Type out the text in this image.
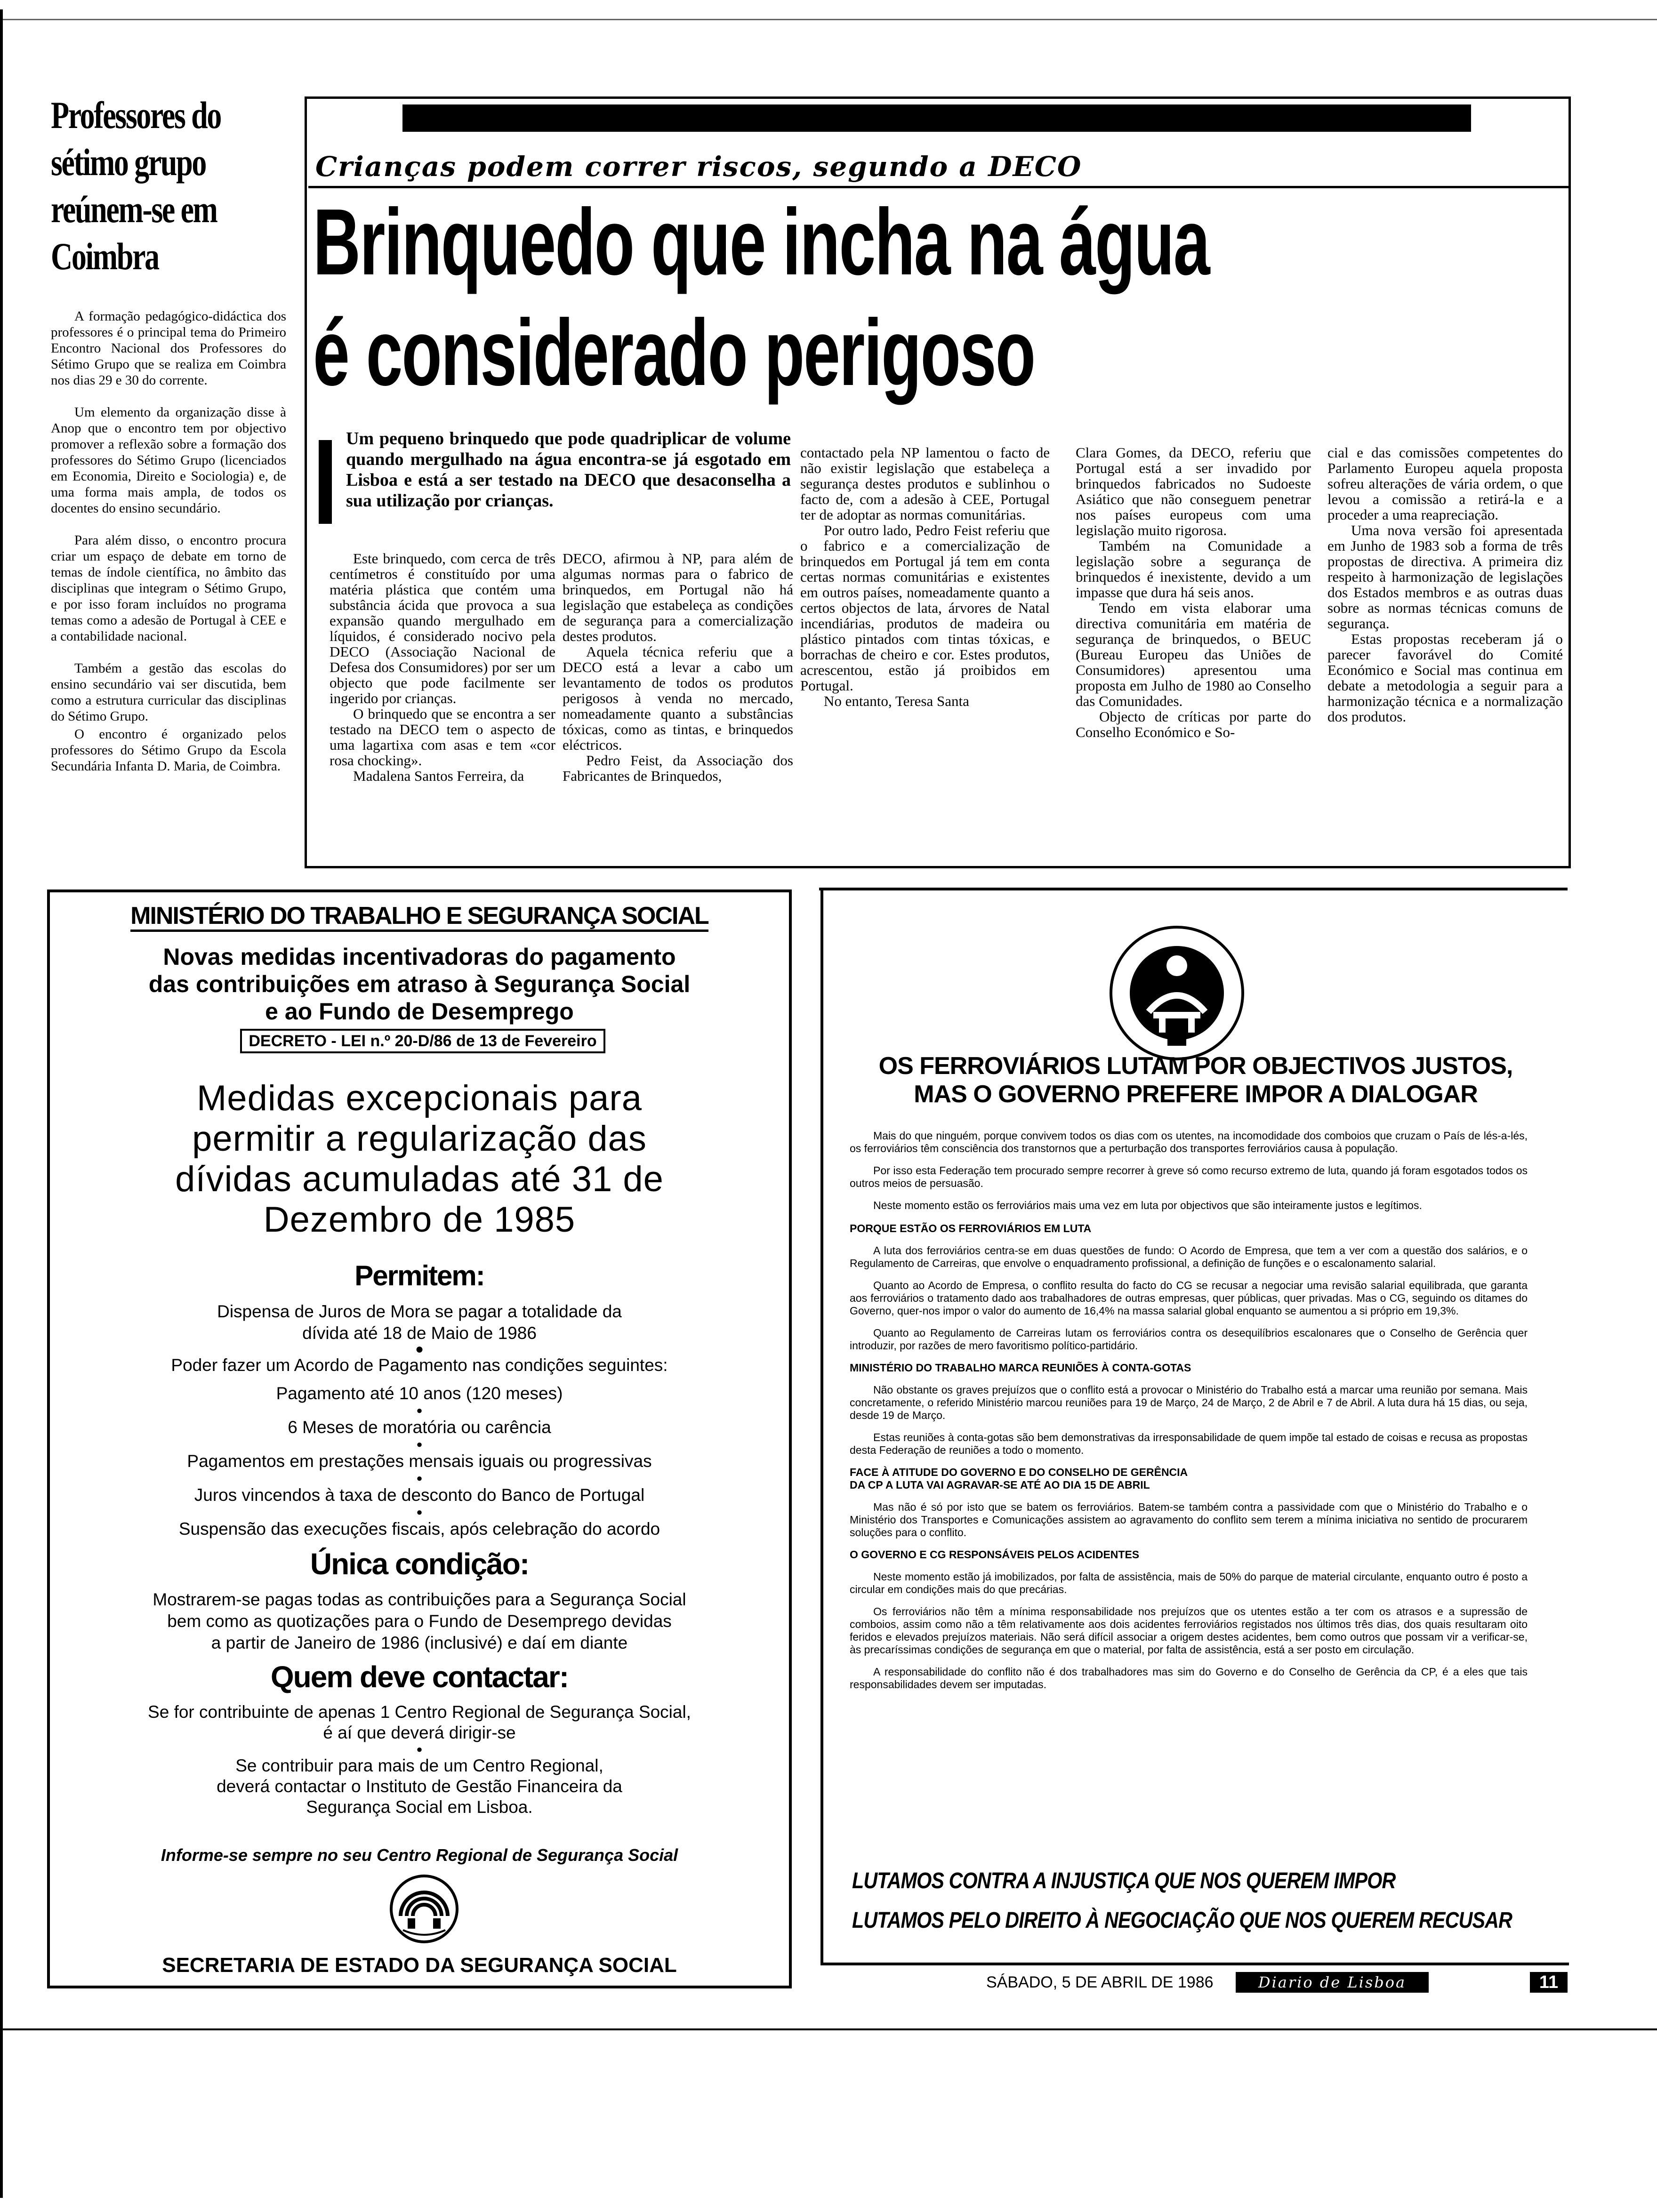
Professores do sétimo grupo reúnem-se em Coimbra

A formação pedagógico-didáctica dos professores é o principal tema do Primeiro Encontro Nacional dos Professores do Sétimo Grupo que se realiza em Coimbra nos dias 29 e 30 do corrente.

Um elemento da organização disse à Anop que o encontro tem por objectivo promover a reflexão sobre a formação dos professores do Sétimo Grupo (licenciados em Economia, Direito e Sociologia) e, de uma forma mais ampla, de todos os docentes do ensino secundário.

Para além disso, o encontro procura criar um espaço de debate em torno de temas de índole científica, no âmbito das disciplinas que integram o Sétimo Grupo, e por isso foram incluídos no programa temas como a adesão de Portugal à CEE e a contabilidade nacional.

Também a gestão das escolas do ensino secundário vai ser discutida, bem como a estrutura curricular das disciplinas do Sétimo Grupo.

O encontro é organizado pelos professores do Sétimo Grupo da Escola Secundária Infanta D. Maria, de Coimbra.

Crianças podem correr riscos, segundo a DECO
Brinquedo que incha na água
é considerado perigoso
Um pequeno brinquedo que pode quadriplicar de volume quando mergulhado na água encontra-se já esgotado em Lisboa e está a ser testado na DECO que desaconselha a sua utilização por crianças.

Este brinquedo, com cerca de três centímetros é constituído por uma matéria plástica que contém uma substância ácida que provoca a sua expansão quando mergulhado em líquidos, é considerado nocivo pela DECO (Associação Nacional de Defesa dos Consumidores) por ser um objecto que pode facilmente ser ingerido por crianças.

O brinquedo que se encontra a ser testado na DECO tem o aspecto de uma lagartixa com asas e tem «cor rosa chocking».

Madalena Santos Ferreira, da

DECO, afirmou à NP, para além de algumas normas para o fabrico de brinquedos, em Portugal não há legislação que estabeleça as condições de segurança para a comercialização destes produtos.

Aquela técnica referiu que a DECO está a levar a cabo um levantamento de todos os produtos perigosos à venda no mercado, nomeadamente quanto a substâncias tóxicas, como as tintas, e brinquedos eléctricos.

Pedro Feist, da Associação dos Fabricantes de Brinquedos,

contactado pela NP lamentou o facto de não existir legislação que estabeleça a segurança destes produtos e sublinhou o facto de, com a adesão à CEE, Portugal ter de adoptar as normas comunitárias.

Por outro lado, Pedro Feist referiu que o fabrico e a comercialização de brinquedos em Portugal já tem em conta certas normas comunitárias e existentes em outros países, nomeadamente quanto a certos objectos de lata, árvores de Natal incendiárias, produtos de madeira ou plástico pintados com tintas tóxicas, e borrachas de cheiro e cor. Estes produtos, acrescentou, estão já proibidos em Portugal.

No entanto, Teresa Santa

Clara Gomes, da DECO, referiu que Portugal está a ser invadido por brinquedos fabricados no Sudoeste Asiático que não conseguem penetrar nos países europeus com uma legislação muito rigorosa.

Também na Comunidade a legislação sobre a segurança de brinquedos é inexistente, devido a um impasse que dura há seis anos.

Tendo em vista elaborar uma directiva comunitária em matéria de segurança de brinquedos, o BEUC (Bureau Europeu das Uniões de Consumidores) apresentou uma proposta em Julho de 1980 ao Conselho das Comunidades.

Objecto de críticas por parte do Conselho Económico e So-

cial e das comissões competentes do Parlamento Europeu aquela proposta sofreu alterações de vária ordem, o que levou a comissão a retirá-la e a proceder a uma reapreciação.

Uma nova versão foi apresentada em Junho de 1983 sob a forma de três propostas de directiva. A primeira diz respeito à harmonização de legislações dos Estados membros e as outras duas sobre as normas técnicas comuns de segurança.

Estas propostas receberam já o parecer favorável do Comité Económico e Social mas continua em debate a metodologia a seguir para a harmonização técnica e a normalização dos produtos.

MINISTÉRIO DO TRABALHO E SEGURANÇA SOCIAL
Novas medidas incentivadoras do pagamento
das contribuições em atraso à Segurança Social
e ao Fundo de Desemprego
DECRETO - LEI n.º 20-D/86 de 13 de Fevereiro
Medidas excepcionais para
permitir a regularização das
dívidas acumuladas até 31 de
Dezembro de 1985
Permitem:
Dispensa de Juros de Mora se pagar a totalidade da
dívida até 18 de Maio de 1986
●
Poder fazer um Acordo de Pagamento nas condições seguintes:
Pagamento até 10 anos (120 meses)
●
6 Meses de moratória ou carência
●
Pagamentos em prestações mensais iguais ou progressivas
●
Juros vincendos à taxa de desconto do Banco de Portugal
●
Suspensão das execuções fiscais, após celebração do acordo
Única condição:
Mostrarem-se pagas todas as contribuições para a Segurança Social
bem como as quotizações para o Fundo de Desemprego devidas
a partir de Janeiro de 1986 (inclusivé) e daí em diante
Quem deve contactar:
Se for contribuinte de apenas 1 Centro Regional de Segurança Social,
é aí que deverá dirigir-se
●
Se contribuir para mais de um Centro Regional,
deverá contactar o Instituto de Gestão Financeira da
Segurança Social em Lisboa.
Informe-se sempre no seu Centro Regional de Segurança Social
SECRETARIA DE ESTADO DA SEGURANÇA SOCIAL
OS FERROVIÁRIOS LUTAM POR OBJECTIVOS JUSTOS,
MAS O GOVERNO PREFERE IMPOR A DIALOGAR

Mais do que ninguém, porque convivem todos os dias com os utentes, na incomodidade dos comboios que cruzam o País de lés-a-lés, os ferroviários têm consciência dos transtornos que a perturbação dos transportes ferroviários causa à população.

Por isso esta Federação tem procurado sempre recorrer à greve só como recurso extremo de luta, quando já foram esgotados todos os outros meios de persuasão.

Neste momento estão os ferroviários mais uma vez em luta por objectivos que são inteiramente justos e legítimos.

PORQUE ESTÃO OS FERROVIÁRIOS EM LUTA

A luta dos ferroviários centra-se em duas questões de fundo: O Acordo de Empresa, que tem a ver com a questão dos salários, e o Regulamento de Carreiras, que envolve o enquadramento profissional, a definição de funções e o escalonamento salarial.

Quanto ao Acordo de Empresa, o conflito resulta do facto do CG se recusar a negociar uma revisão salarial equilibrada, que garanta aos ferroviários o tratamento dado aos trabalhadores de outras empresas, quer públicas, quer privadas. Mas o CG, seguindo os ditames do Governo, quer-nos impor o valor do aumento de 16,4% na massa salarial global enquanto se aumentou a si próprio em 19,3%.

Quanto ao Regulamento de Carreiras lutam os ferroviários contra os desequilíbrios escalonares que o Conselho de Gerência quer introduzir, por razões de mero favoritismo político-partidário.

MINISTÉRIO DO TRABALHO MARCA REUNIÕES À CONTA-GOTAS

Não obstante os graves prejuízos que o conflito está a provocar o Ministério do Trabalho está a marcar uma reunião por semana. Mais concretamente, o referido Ministério marcou reuniões para 19 de Março, 24 de Março, 2 de Abril e 7 de Abril. A luta dura há 15 dias, ou seja, desde 19 de Março.

Estas reuniões à conta-gotas são bem demonstrativas da irresponsabilidade de quem impõe tal estado de coisas e recusa as propostas desta Federação de reuniões a todo o momento.

FACE À ATITUDE DO GOVERNO E DO CONSELHO DE GERÊNCIA
DA CP A LUTA VAI AGRAVAR-SE ATÉ AO DIA 15 DE ABRIL

Mas não é só por isto que se batem os ferroviários. Batem-se também contra a passividade com que o Ministério do Trabalho e o Ministério dos Transportes e Comunicações assistem ao agravamento do conflito sem terem a mínima iniciativa no sentido de procurarem soluções para o conflito.

O GOVERNO E CG RESPONSÁVEIS PELOS ACIDENTES

Neste momento estão já imobilizados, por falta de assistência, mais de 50% do parque de material circulante, enquanto outro é posto a circular em condições mais do que precárias.

Os ferroviários não têm a mínima responsabilidade nos prejuízos que os utentes estão a ter com os atrasos e a supressão de comboios, assim como não a têm relativamente aos dois acidentes ferroviários registados nos últimos três dias, dos quais resultaram oito feridos e elevados prejuízos materiais. Não será difícil associar a origem destes acidentes, bem como outros que possam vir a verificar-se, às precaríssimas condições de segurança em que o material, por falta de assistência, está a ser posto em circulação.

A responsabilidade do conflito não é dos trabalhadores mas sim do Governo e do Conselho de Gerência da CP, é a eles que tais responsabilidades devem ser imputadas.

LUTAMOS CONTRA A INJUSTIÇA QUE NOS QUEREM IMPOR
LUTAMOS PELO DIREITO À NEGOCIAÇÃO QUE NOS QUEREM RECUSAR
SÁBADO, 5 DE ABRIL DE 1986	Diario de Lisboa	11
